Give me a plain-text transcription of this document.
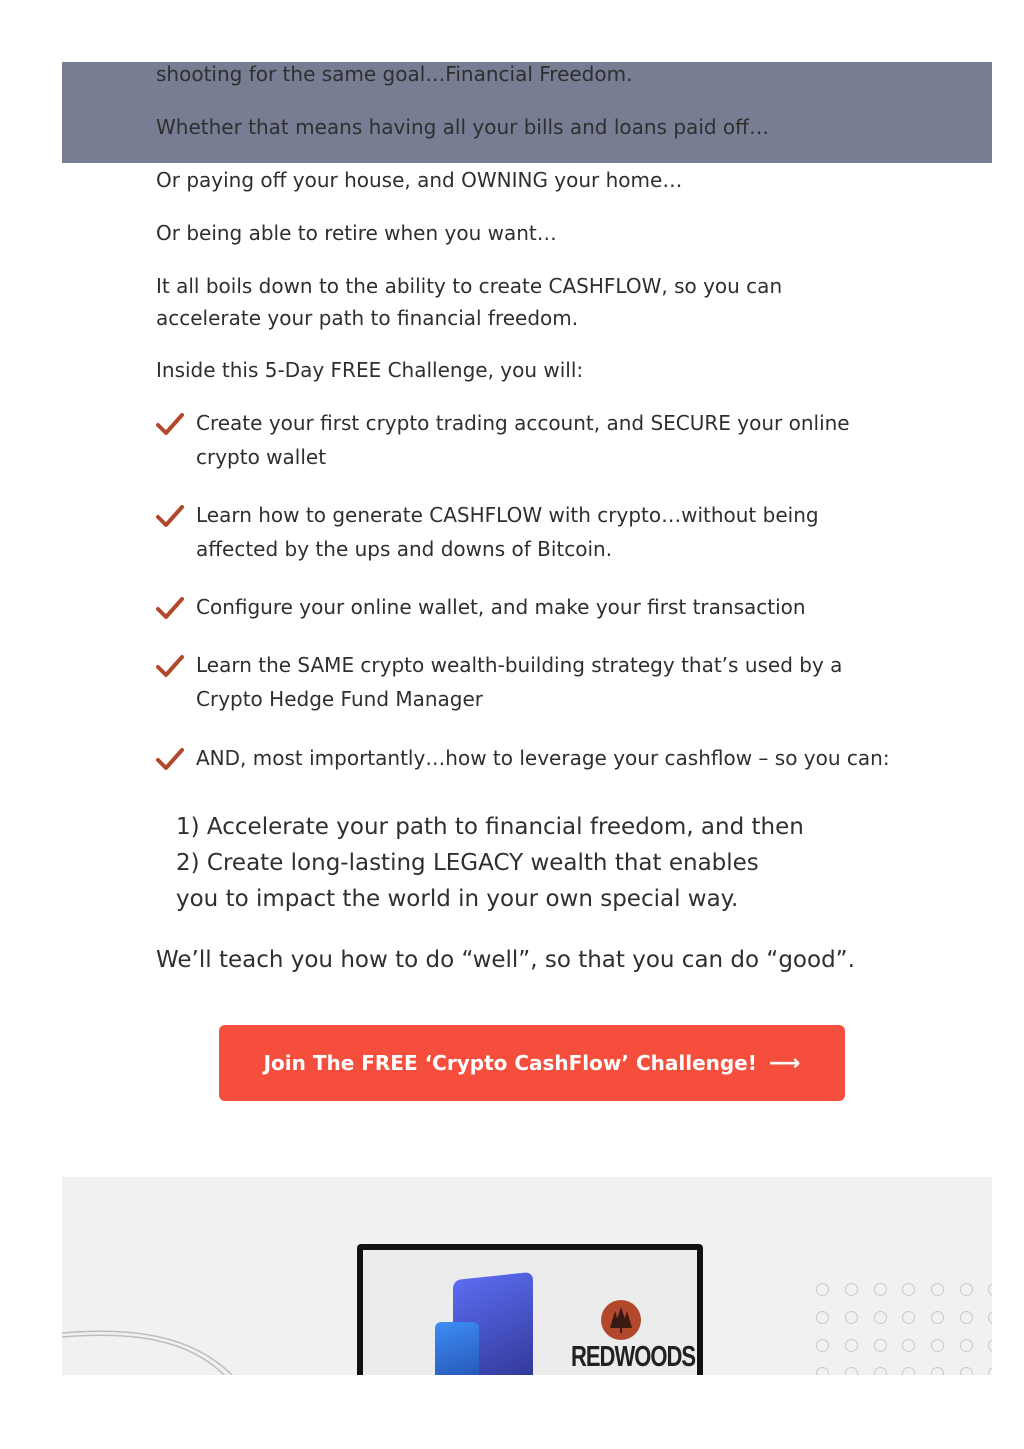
shooting for the same goal…Financial Freedom.

Whether that means having all your bills and loans paid off…

Or paying off your house, and OWNING your home…

Or being able to retire when you want…

It all boils down to the ability to create CASHFLOW, so you can accelerate your path to financial freedom.

Inside this 5-Day FREE Challenge, you will:

Create your first crypto trading account, and SECURE your online crypto wallet
Learn how to generate CASHFLOW with crypto…without being affected by the ups and downs of Bitcoin.
Configure your online wallet, and make your first transaction
Learn the SAME crypto wealth-building strategy that’s used by a Crypto Hedge Fund Manager
AND, most importantly…how to leverage your cashflow – so you can:
1) Accelerate your path to financial freedom, and then
2) Create long-lasting LEGACY wealth that enables
you to impact the world in your own special way.
We’ll teach you how to do “well”, so that you can do “good”.
Join The FREE ‘Crypto CashFlow’ Challenge! ⟶
REDWOODS
